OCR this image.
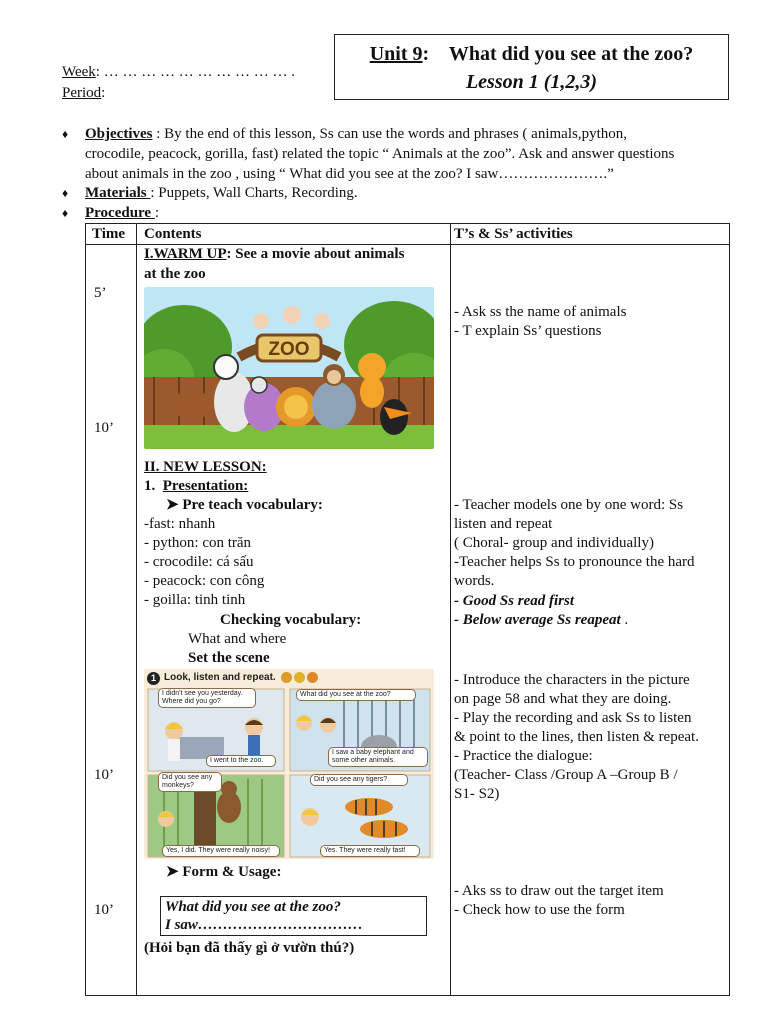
Unit 9:    What did you see at the zoo?
Lesson 1 (1,2,3)
Week: … … … … … … … … … … .
Period:
♦ Objectives : By the end of this lesson, Ss can use the words and phrases ( animals,python,
crocodile, peacock, gorilla, fast) related the topic “ Animals at the zoo”. Ask and answer questions
about animals in the zoo , using “ What did you see at the zoo? I saw………………….”
♦ Materials : Puppets, Wall Charts, Recording.
♦ Procedure :
Time Contents	T’s & Ss’ activities
5’
10’
10’
10’
I.WARM UP: See a movie about animals
at the zoo
ZOO
- Ask ss the name of animals
- T explain Ss’ questions
II. NEW LESSON:
1. Presentation:
➤ Pre teach vocabulary:
-fast: nhanh
- python: con trăn
- crocodile: cá sấu
- peacock: con công
- goilla: tinh tinh
Checking vocabulary:
What and where
Set the scene
- Teacher models one by one word: Ss
listen and repeat
( Choral- group and individually)
-Teacher helps Ss to pronounce the hard
words.
- Good Ss read first
- Below average Ss reapeat .
1 Look, listen and repeat.
I didn't see you yesterday. Where did you go?
What did you see at the zoo?
I went to the zoo.
I saw a baby elephant and some other animals.
Did you see any monkeys?
Did you see any tigers?
Yes, I did. They were really noisy!	Yes. They were really fast!
- Introduce the characters in the picture
on page 58 and what they are doing.
- Play the recording and ask Ss to listen
& point to the lines, then listen & repeat.
- Practice the dialogue:
(Teacher- Class /Group A –Group B /
S1- S2)
➤ Form & Usage:
What did you see at the zoo?
I saw……………………………
(Hỏi bạn đã thấy gì ở vườn thú?)
- Aks ss to draw out the target item
- Check how to use the form
